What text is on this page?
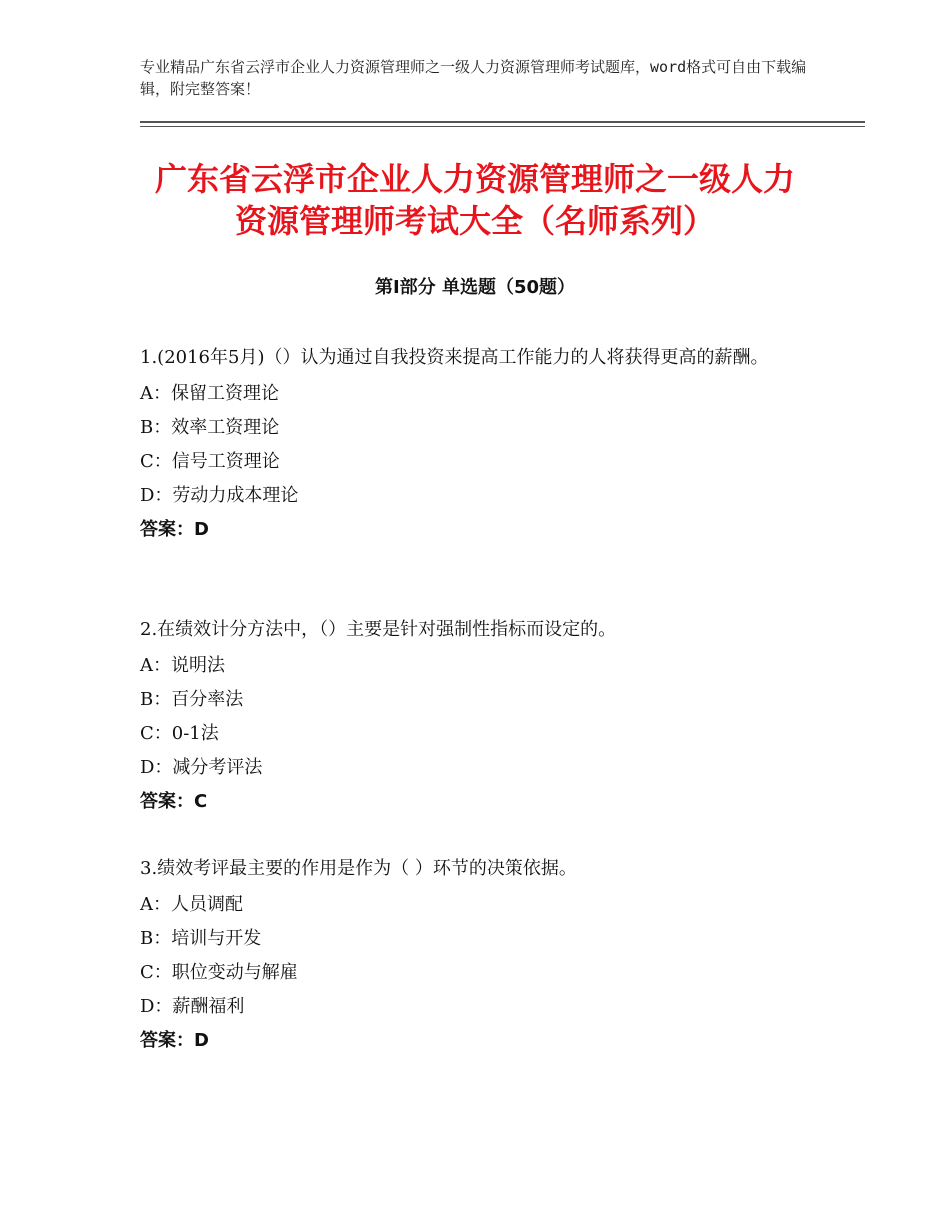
专业精品广东省云浮市企业人力资源管理师之一级人力资源管理师考试题库，word格式可自由下载编辑，附完整答案！
广东省云浮市企业人力资源管理师之一级人力资源管理师考试大全（名师系列）
第Ⅰ部分 单选题（50题）
1.(2016年5月)（）认为通过自我投资来提高工作能力的人将获得更高的薪酬。
A：保留工资理论
B：效率工资理论
C：信号工资理论
D：劳动力成本理论
答案：D
2.在绩效计分方法中，（）主要是针对强制性指标而设定的。
A：说明法
B：百分率法
C：0-1法
D：减分考评法
答案：C
3.绩效考评最主要的作用是作为（ ）环节的决策依据。
A：人员调配
B：培训与开发
C：职位变动与解雇
D：薪酬福利
答案：D
